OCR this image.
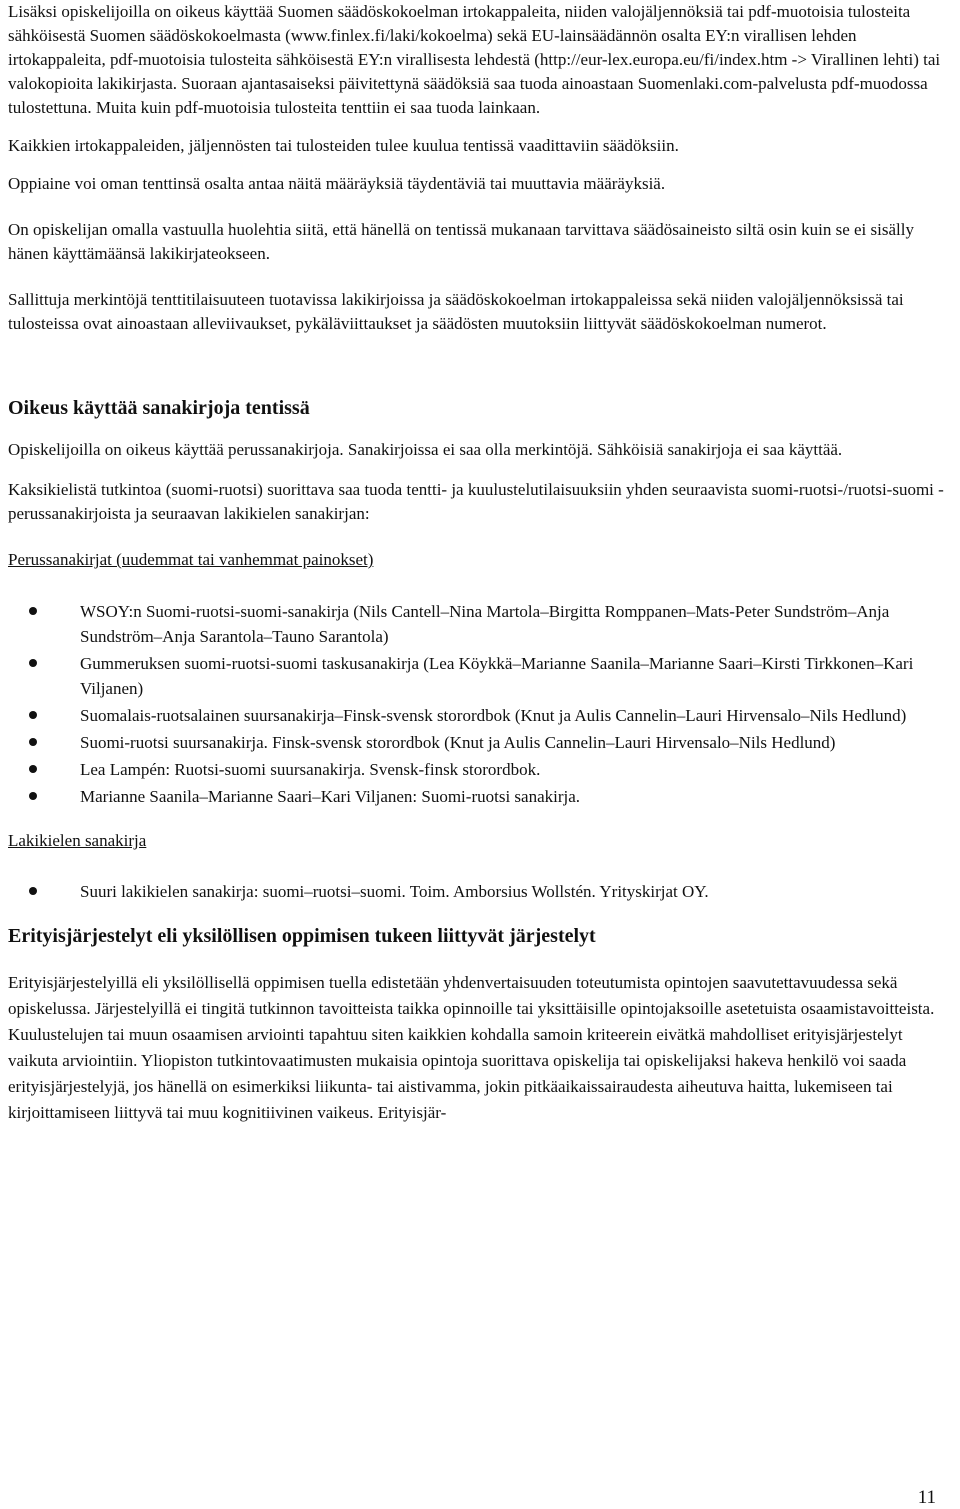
Lisäksi opiskelijoilla on oikeus käyttää Suomen säädöskokoelman irtokappaleita, niiden valojäljennöksiä tai pdf-muotoisia tulosteita sähköisestä Suomen säädöskokoelmasta (www.finlex.fi/laki/kokoelma) sekä EU-lainsäädännön osalta EY:n virallisen lehden irtokappaleita, pdf-muotoisia tulosteita sähköisestä EY:n virallisesta lehdestä (http://eur-lex.europa.eu/fi/index.htm -> Virallinen lehti) tai valokopioita lakikirjasta. Suoraan ajantasaiseksi päivitettynä säädöksiä saa tuoda ainoastaan Suomenlaki.com-palvelusta pdf-muodossa tulostettuna. Muita kuin pdf-muotoisia tulosteita tenttiin ei saa tuoda lainkaan.

Kaikkien irtokappaleiden, jäljennösten tai tulosteiden tulee kuulua tentissä vaadittaviin säädöksiin.

Oppiaine voi oman tenttinsä osalta antaa näitä määräyksiä täydentäviä tai muuttavia määräyksiä.

On opiskelijan omalla vastuulla huolehtia siitä, että hänellä on tentissä mukanaan tarvittava säädösaineisto siltä osin kuin se ei sisälly hänen käyttämäänsä lakikirjateokseen.

Sallittuja merkintöjä tenttitilaisuuteen tuotavissa lakikirjoissa ja säädöskokoelman irtokappaleissa sekä niiden valojäljennöksissä tai tulosteissa ovat ainoastaan alleviivaukset, pykäläviittaukset ja säädösten muutoksiin liittyvät säädöskokoelman numerot.

Oikeus käyttää sanakirjoja tentissä

Opiskelijoilla on oikeus käyttää perussanakirjoja. Sanakirjoissa ei saa olla merkintöjä. Sähköisiä sanakirjoja ei saa käyttää.

Kaksikielistä tutkintoa (suomi-ruotsi) suorittava saa tuoda tentti- ja kuulustelutilaisuuksiin yhden seuraavista suomi-ruotsi-/ruotsi-suomi -perussanakirjoista ja seuraavan lakikielen sanakirjan:

Perussanakirjat (uudemmat tai vanhemmat painokset)
WSOY:n Suomi-ruotsi-suomi-sanakirja (Nils Cantell–Nina Martola–Birgitta Romppanen–Mats-Peter Sundström–Anja Sundström–Anja Sarantola–Tauno Sarantola)
Gummeruksen suomi-ruotsi-suomi taskusanakirja (Lea Köykkä–Marianne Saanila–Marianne Saari–Kirsti Tirkkonen–Kari Viljanen)
Suomalais-ruotsalainen suursanakirja–Finsk-svensk storordbok (Knut ja Aulis Cannelin–Lauri Hirvensalo–Nils Hedlund)
Suomi-ruotsi suursanakirja. Finsk-svensk storordbok (Knut ja Aulis Cannelin–Lauri Hirvensalo–Nils Hedlund)
Lea Lampén: Ruotsi-suomi suursanakirja. Svensk-finsk storordbok.
Marianne Saanila–Marianne Saari–Kari Viljanen: Suomi-ruotsi sanakirja.
Lakikielen sanakirja
Suuri lakikielen sanakirja: suomi–ruotsi–suomi. Toim. Amborsius Wollstén. Yrityskirjat OY.
Erityisjärjestelyt eli yksilöllisen oppimisen tukeen liittyvät järjestelyt

Erityisjärjestelyillä eli yksilöllisellä oppimisen tuella edistetään yhdenvertaisuuden toteutumista opintojen saavutettavuudessa sekä opiskelussa. Järjestelyillä ei tingitä tutkinnon tavoitteista taikka opinnoille tai yksittäisille opintojaksoille asetetuista osaamistavoitteista. Kuulustelujen tai muun osaamisen arviointi tapahtuu siten kaikkien kohdalla samoin kriteerein eivätkä mahdolliset erityisjärjestelyt vaikuta arviointiin. Yliopiston tutkintovaatimusten mukaisia opintoja suorittava opiskelija tai opiskelijaksi hakeva henkilö voi saada erityisjärjestelyjä, jos hänellä on esimerkiksi liikunta- tai aistivamma, jokin pitkäaikaissairaudesta aiheutuva haitta, lukemiseen tai kirjoittamiseen liittyvä tai muu kognitiivinen vaikeus. Erityisjär-

11
